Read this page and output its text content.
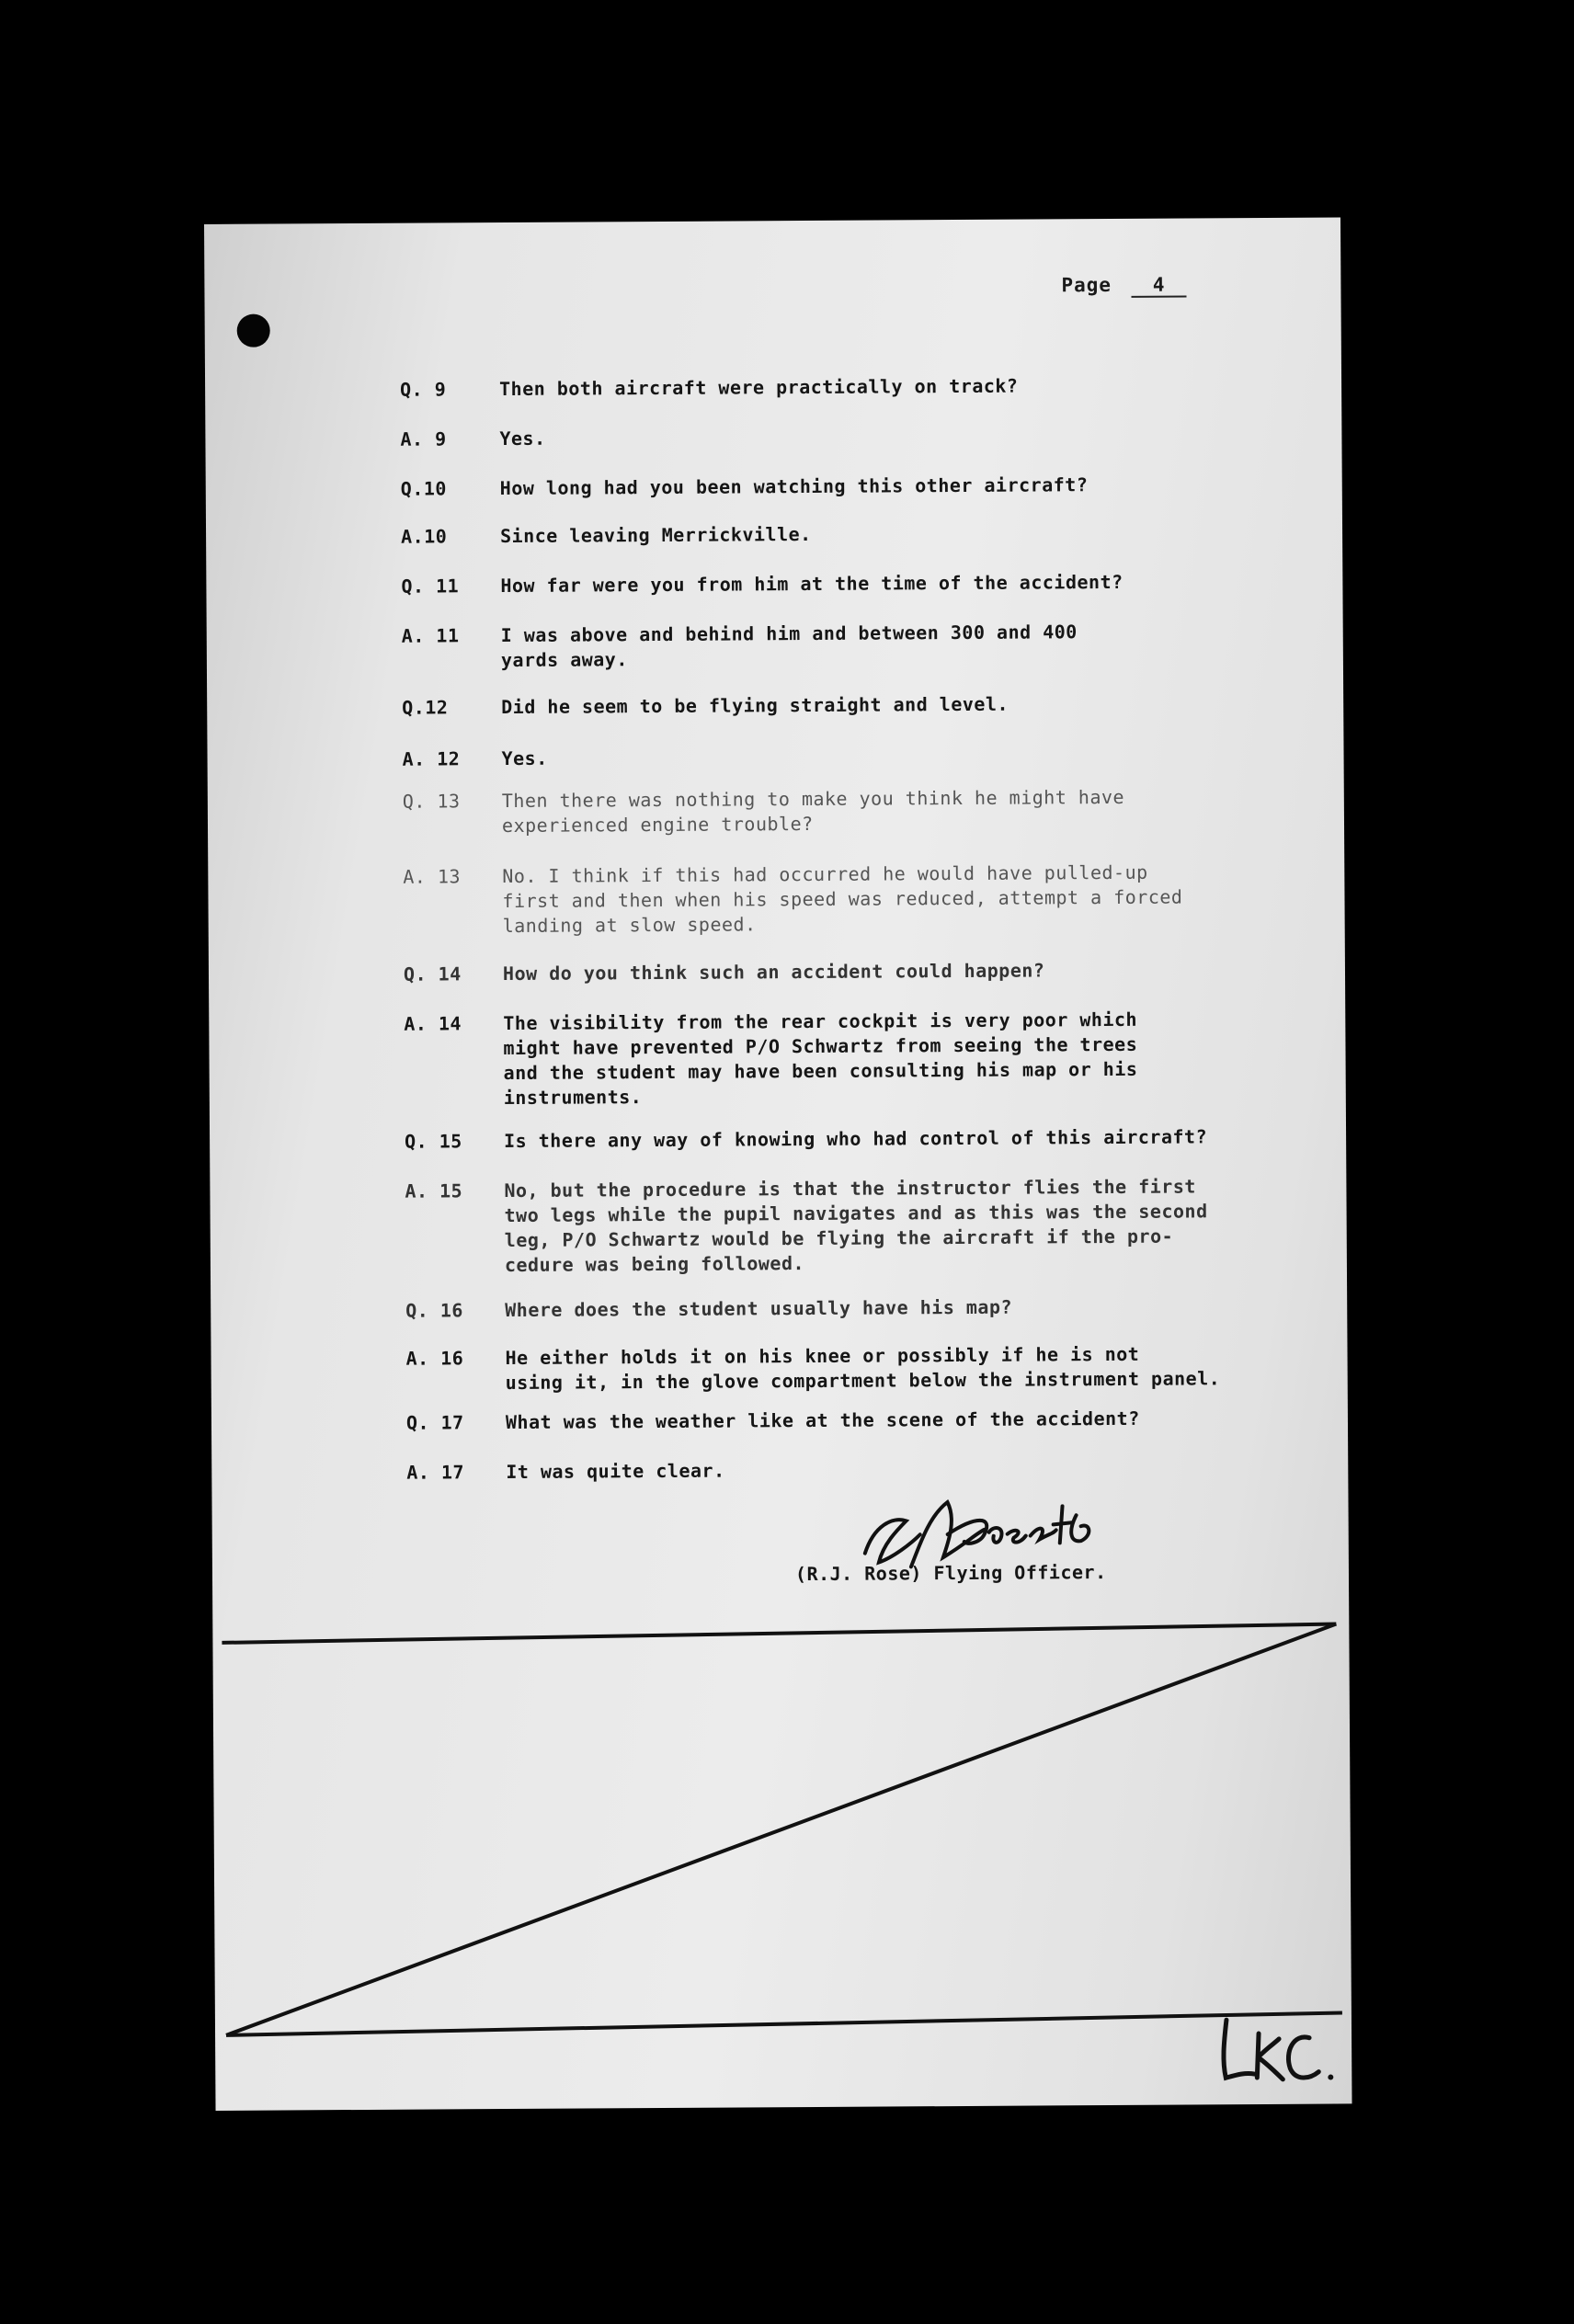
Page 4
Q. 9	Then both aircraft were practically on track?
A. 9	Yes.
Q.10	How long had you been watching this other aircraft?
A.10	Since leaving Merrickville.
Q. 11	How far were you from him at the time of the accident?
A. 11	I was above and behind him and between 300 and 400
yards away.
Q.12	Did he seem to be flying straight and level.
A. 12	Yes.
Q. 13	Then there was nothing to make you think he might have
experienced engine trouble?
A. 13	No. I think if this had occurred he would have pulled-up
first and then when his speed was reduced, attempt a forced
landing at slow speed.
Q. 14	How do you think such an accident could happen?
A. 14	The visibility from the rear cockpit is very poor which
might have prevented P/O Schwartz from seeing the trees
and the student may have been consulting his map or his
instruments.
Q. 15	Is there any way of knowing who had control of this aircraft?
A. 15	No, but the procedure is that the instructor flies the first
two legs while the pupil navigates and as this was the second
leg, P/O Schwartz would be flying the aircraft if the pro-
cedure was being followed.
Q. 16	Where does the student usually have his map?
A. 16	He either holds it on his knee or possibly if he is not
using it, in the glove compartment below the instrument panel.
Q. 17	What was the weather like at the scene of the accident?
A. 17	It was quite clear.
(R.J. Rose) Flying Officer.
